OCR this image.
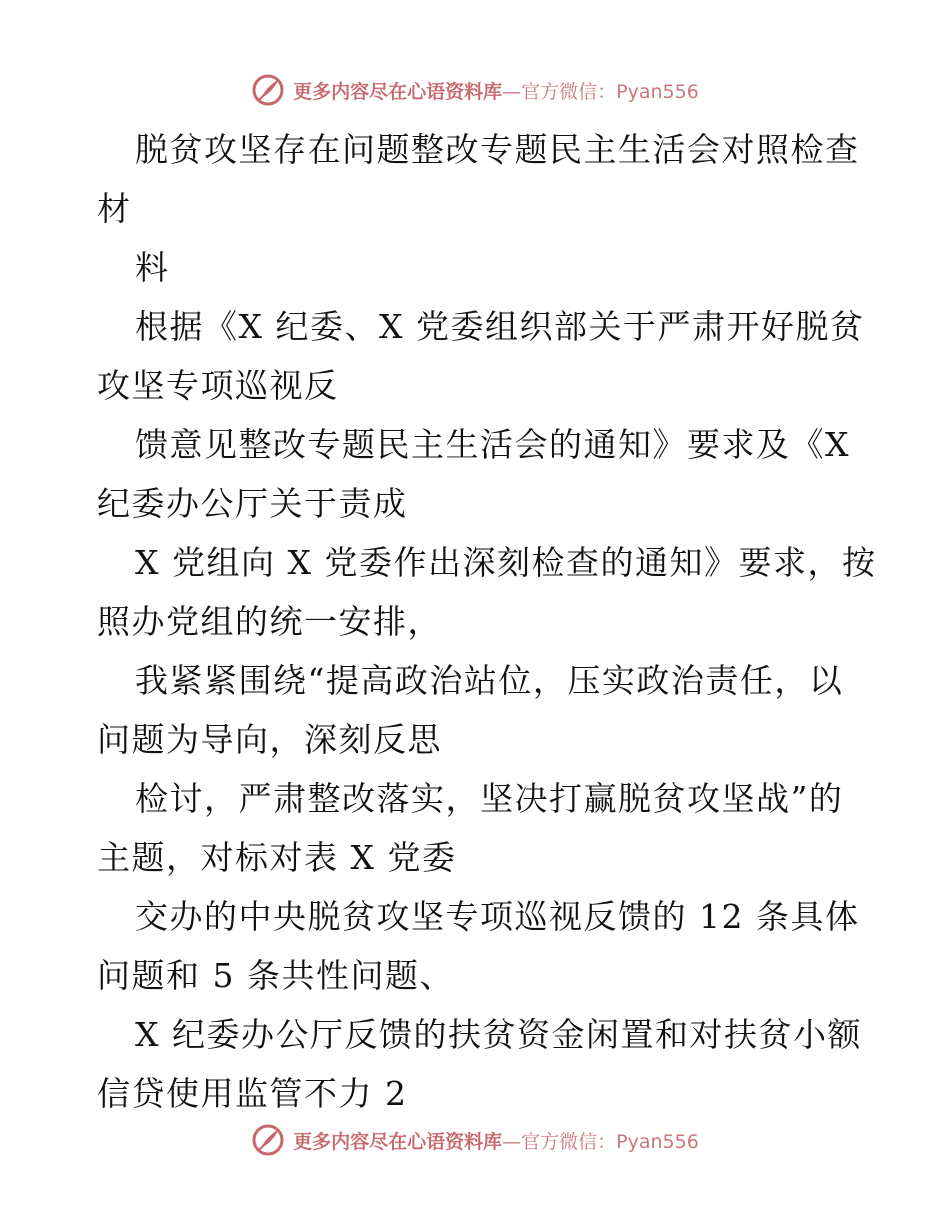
更多内容尽在心语资料库—官方微信：Pyan556
脱贫攻坚存在问题整改专题民主生活会对照检查
材
料
根据《X 纪委、X 党委组织部关于严肃开好脱贫
攻坚专项巡视反
馈意见整改专题民主生活会的通知》要求及《X
纪委办公厅关于责成
X 党组向 X 党委作出深刻检查的通知》要求，按
照办党组的统一安排，
我紧紧围绕“提高政治站位，压实政治责任，以
问题为导向，深刻反思
检讨，严肃整改落实，坚决打赢脱贫攻坚战”的
主题，对标对表 X 党委
交办的中央脱贫攻坚专项巡视反馈的 12 条具体
问题和 5 条共性问题、
X 纪委办公厅反馈的扶贫资金闲置和对扶贫小额
信贷使用监管不力 2
更多内容尽在心语资料库—官方微信：Pyan556
